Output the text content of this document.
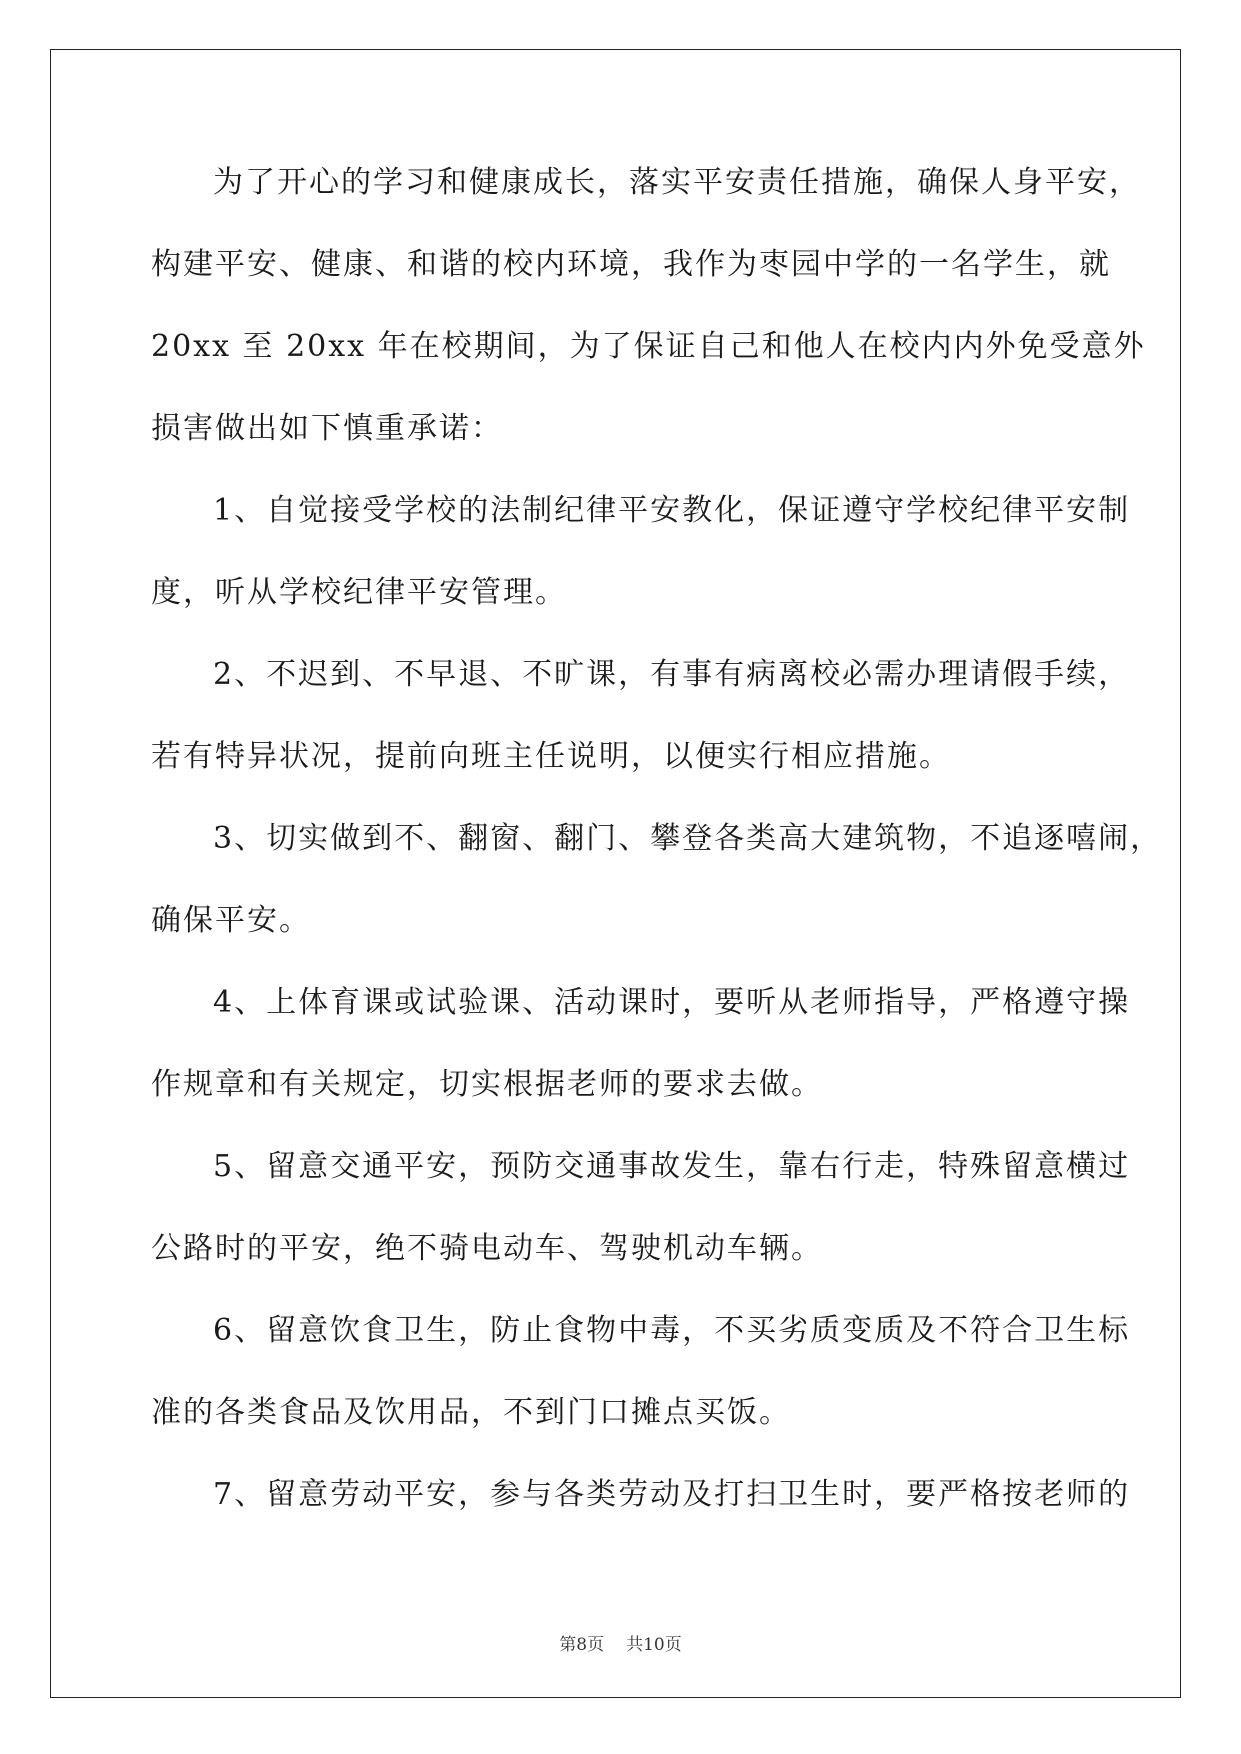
为了开心的学习和健康成长，落实平安责任措施，确保人身平安，
构建平安、健康、和谐的校内环境，我作为枣园中学的一名学生，就
20xx 至 20xx 年在校期间，为了保证自己和他人在校内内外免受意外
损害做出如下慎重承诺：
1、自觉接受学校的法制纪律平安教化，保证遵守学校纪律平安制
度，听从学校纪律平安管理。
2、不迟到、不早退、不旷课，有事有病离校必需办理请假手续，
若有特异状况，提前向班主任说明，以便实行相应措施。
3、切实做到不、翻窗、翻门、攀登各类高大建筑物，不追逐嘻闹，
确保平安。
4、上体育课或试验课、活动课时，要听从老师指导，严格遵守操
作规章和有关规定，切实根据老师的要求去做。
5、留意交通平安，预防交通事故发生，靠右行走，特殊留意横过
公路时的平安，绝不骑电动车、驾驶机动车辆。
6、留意饮食卫生，防止食物中毒，不买劣质变质及不符合卫生标
准的各类食品及饮用品，不到门口摊点买饭。
7、留意劳动平安，参与各类劳动及打扫卫生时，要严格按老师的
第8页 共10页
